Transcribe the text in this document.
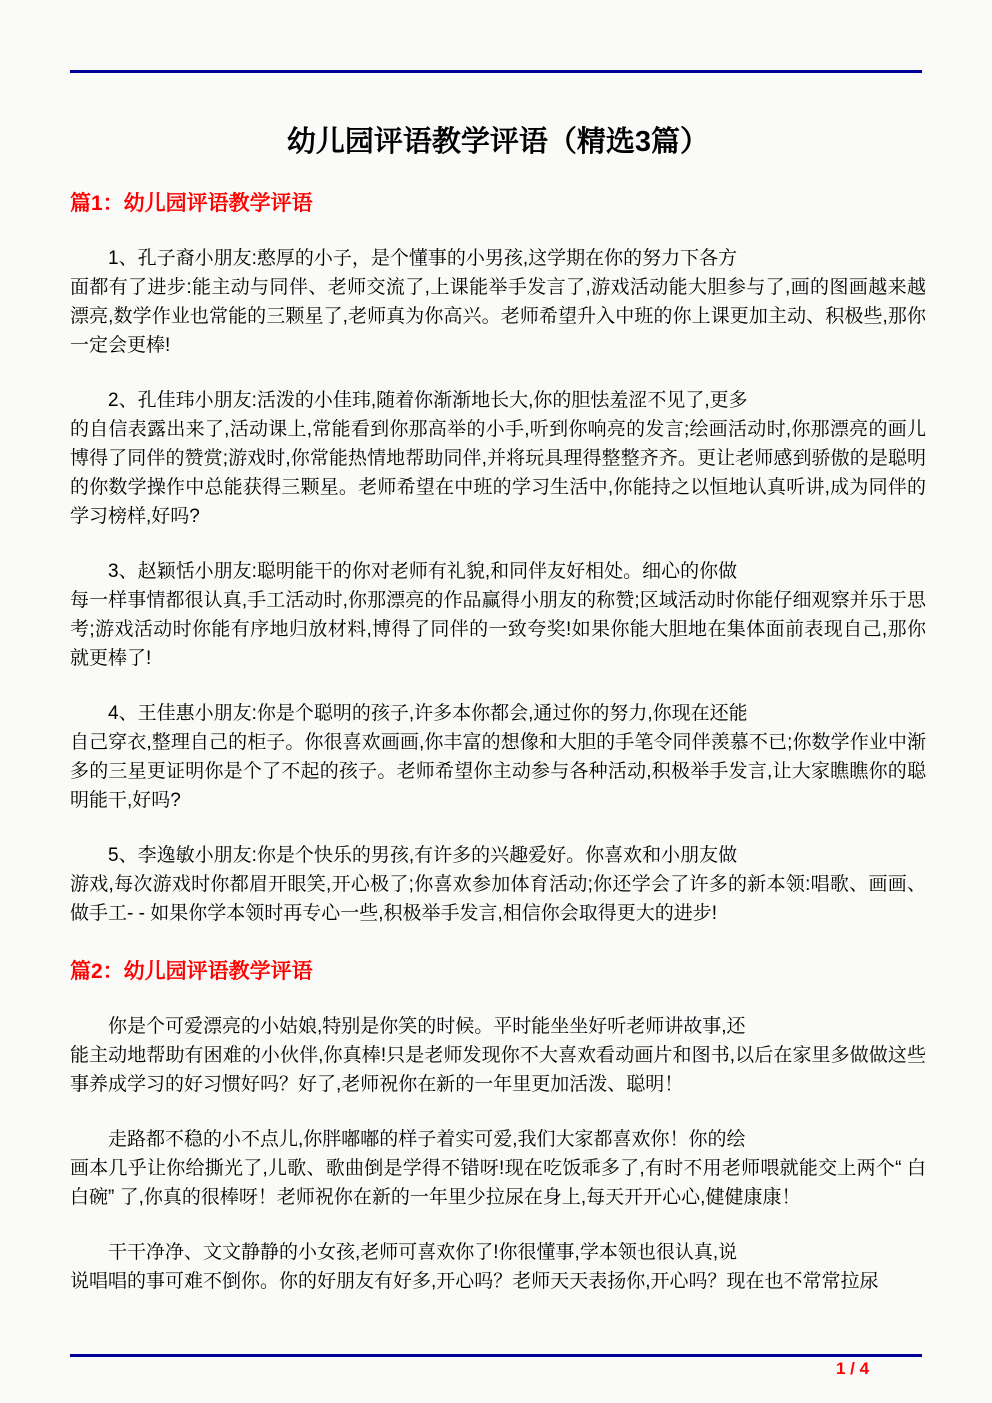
幼儿园评语教学评语（精选3篇）
篇1：幼儿园评语教学评语

1、孔子裔小朋友:憨厚的小子，是个懂事的小男孩,这学期在你的努力下各方
面都有了进步:能主动与同伴、老师交流了,上课能举手发言了,游戏活动能大胆参与了,画的图画越来越漂亮,数学作业也常能的三颗星了,老师真为你高兴。老师希望升入中班的你上课更加主动、积极些,那你一定会更棒!

2、孔佳玮小朋友:活泼的小佳玮,随着你渐渐地长大,你的胆怯羞涩不见了,更多
的自信表露出来了,活动课上,常能看到你那高举的小手,听到你响亮的发言;绘画活动时,你那漂亮的画儿博得了同伴的赞赏;游戏时,你常能热情地帮助同伴,并将玩具理得整整齐齐。更让老师感到骄傲的是聪明的你数学操作中总能获得三颗星。老师希望在中班的学习生活中,你能持之以恒地认真听讲,成为同伴的学习榜样,好吗?

3、赵颖恬小朋友:聪明能干的你对老师有礼貌,和同伴友好相处。细心的你做
每一样事情都很认真,手工活动时,你那漂亮的作品赢得小朋友的称赞;区域活动时你能仔细观察并乐于思考;游戏活动时你能有序地归放材料,博得了同伴的一致夸奖!如果你能大胆地在集体面前表现自己,那你就更棒了!

4、王佳惠小朋友:你是个聪明的孩子,许多本你都会,通过你的努力,你现在还能
自己穿衣,整理自己的柜子。你很喜欢画画,你丰富的想像和大胆的手笔令同伴羡慕不已;你数学作业中渐多的三星更证明你是个了不起的孩子。老师希望你主动参与各种活动,积极举手发言,让大家瞧瞧你的聪明能干,好吗?

5、李逸敏小朋友:你是个快乐的男孩,有许多的兴趣爱好。你喜欢和小朋友做
游戏,每次游戏时你都眉开眼笑,开心极了;你喜欢参加体育活动;你还学会了许多的新本领:唱歌、画画、做手工- - 如果你学本领时再专心一些,积极举手发言,相信你会取得更大的进步!

篇2：幼儿园评语教学评语

你是个可爱漂亮的小姑娘,特别是你笑的时候。平时能坐坐好听老师讲故事,还
能主动地帮助有困难的小伙伴,你真棒!只是老师发现你不大喜欢看动画片和图书,以后在家里多做做这些事养成学习的好习惯好吗？好了,老师祝你在新的一年里更加活泼、聪明！

走路都不稳的小不点儿,你胖嘟嘟的样子着实可爱,我们大家都喜欢你！你的绘
画本几乎让你给撕光了,儿歌、歌曲倒是学得不错呀!现在吃饭乖多了,有时不用老师喂就能交上两个“ 白白碗” 了,你真的很棒呀！老师祝你在新的一年里少拉尿在身上,每天开开心心,健健康康！

干干净净、文文静静的小女孩,老师可喜欢你了!你很懂事,学本领也很认真,说
说唱唱的事可难不倒你。你的好朋友有好多,开心吗？老师天天表扬你,开心吗？现在也不常常拉尿

1 / 4
